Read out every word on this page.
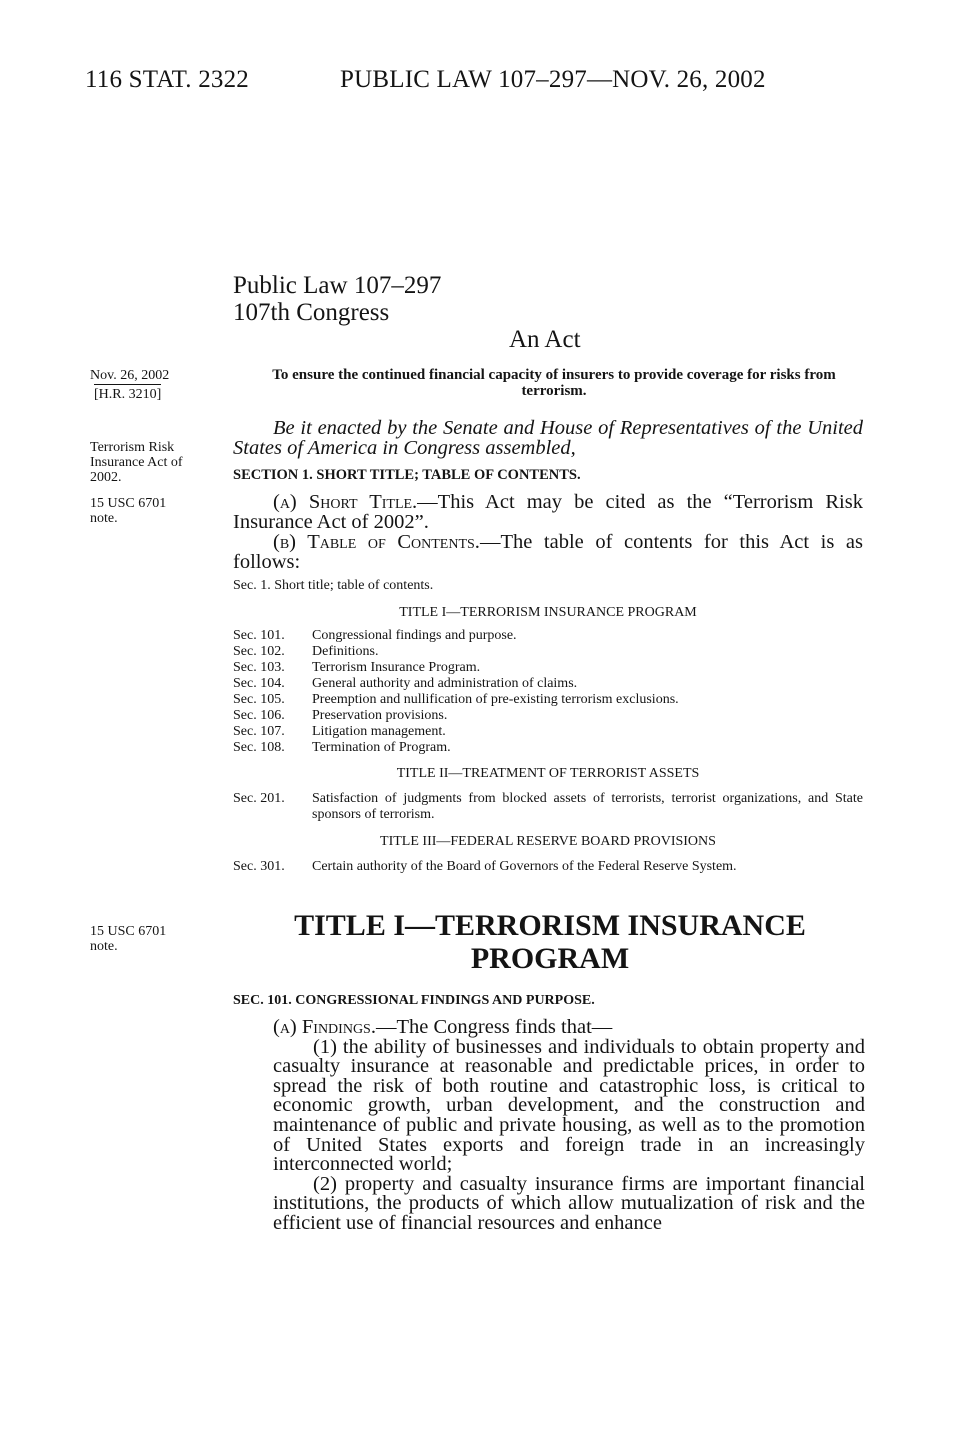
116 STAT. 2322	PUBLIC LAW 107–297—NOV. 26, 2002
Public Law 107–297
107th Congress
An Act
Nov. 26, 2002
[H.R. 3210]
Terrorism Risk Insurance Act of 2002.
15 USC 6701 note.
15 USC 6701 note.
To ensure the continued financial capacity of insurers to provide coverage for risks from terrorism.
Be it enacted by the Senate and House of Representatives of the United States of America in Congress assembled,
SECTION 1. SHORT TITLE; TABLE OF CONTENTS.
(a) Short Title.—This Act may be cited as the “Terrorism Risk Insurance Act of 2002”.
(b) Table of Contents.—The table of contents for this Act is as follows:
Sec. 1. Short title; table of contents.
TITLE I—TERRORISM INSURANCE PROGRAM
Sec. 101.	Congressional findings and purpose.
Sec. 102.	Definitions.
Sec. 103.	Terrorism Insurance Program.
Sec. 104.	General authority and administration of claims.
Sec. 105.	Preemption and nullification of pre-existing terrorism exclusions.
Sec. 106.	Preservation provisions.
Sec. 107.	Litigation management.
Sec. 108.	Termination of Program.
TITLE II—TREATMENT OF TERRORIST ASSETS
Sec. 201.	Satisfaction of judgments from blocked assets of terrorists, terrorist organizations, and State sponsors of terrorism.
TITLE III—FEDERAL RESERVE BOARD PROVISIONS
Sec. 301.	Certain authority of the Board of Governors of the Federal Reserve System.
TITLE I—TERRORISM INSURANCE PROGRAM
SEC. 101. CONGRESSIONAL FINDINGS AND PURPOSE.

(a) Findings.—The Congress finds that—

(1) the ability of businesses and individuals to obtain property and casualty insurance at reasonable and predictable prices, in order to spread the risk of both routine and catastrophic loss, is critical to economic growth, urban development, and the construction and maintenance of public and private housing, as well as to the promotion of United States exports and foreign trade in an increasingly interconnected world;

(2) property and casualty insurance firms are important financial institutions, the products of which allow mutualization of risk and the efficient use of financial resources and enhance
